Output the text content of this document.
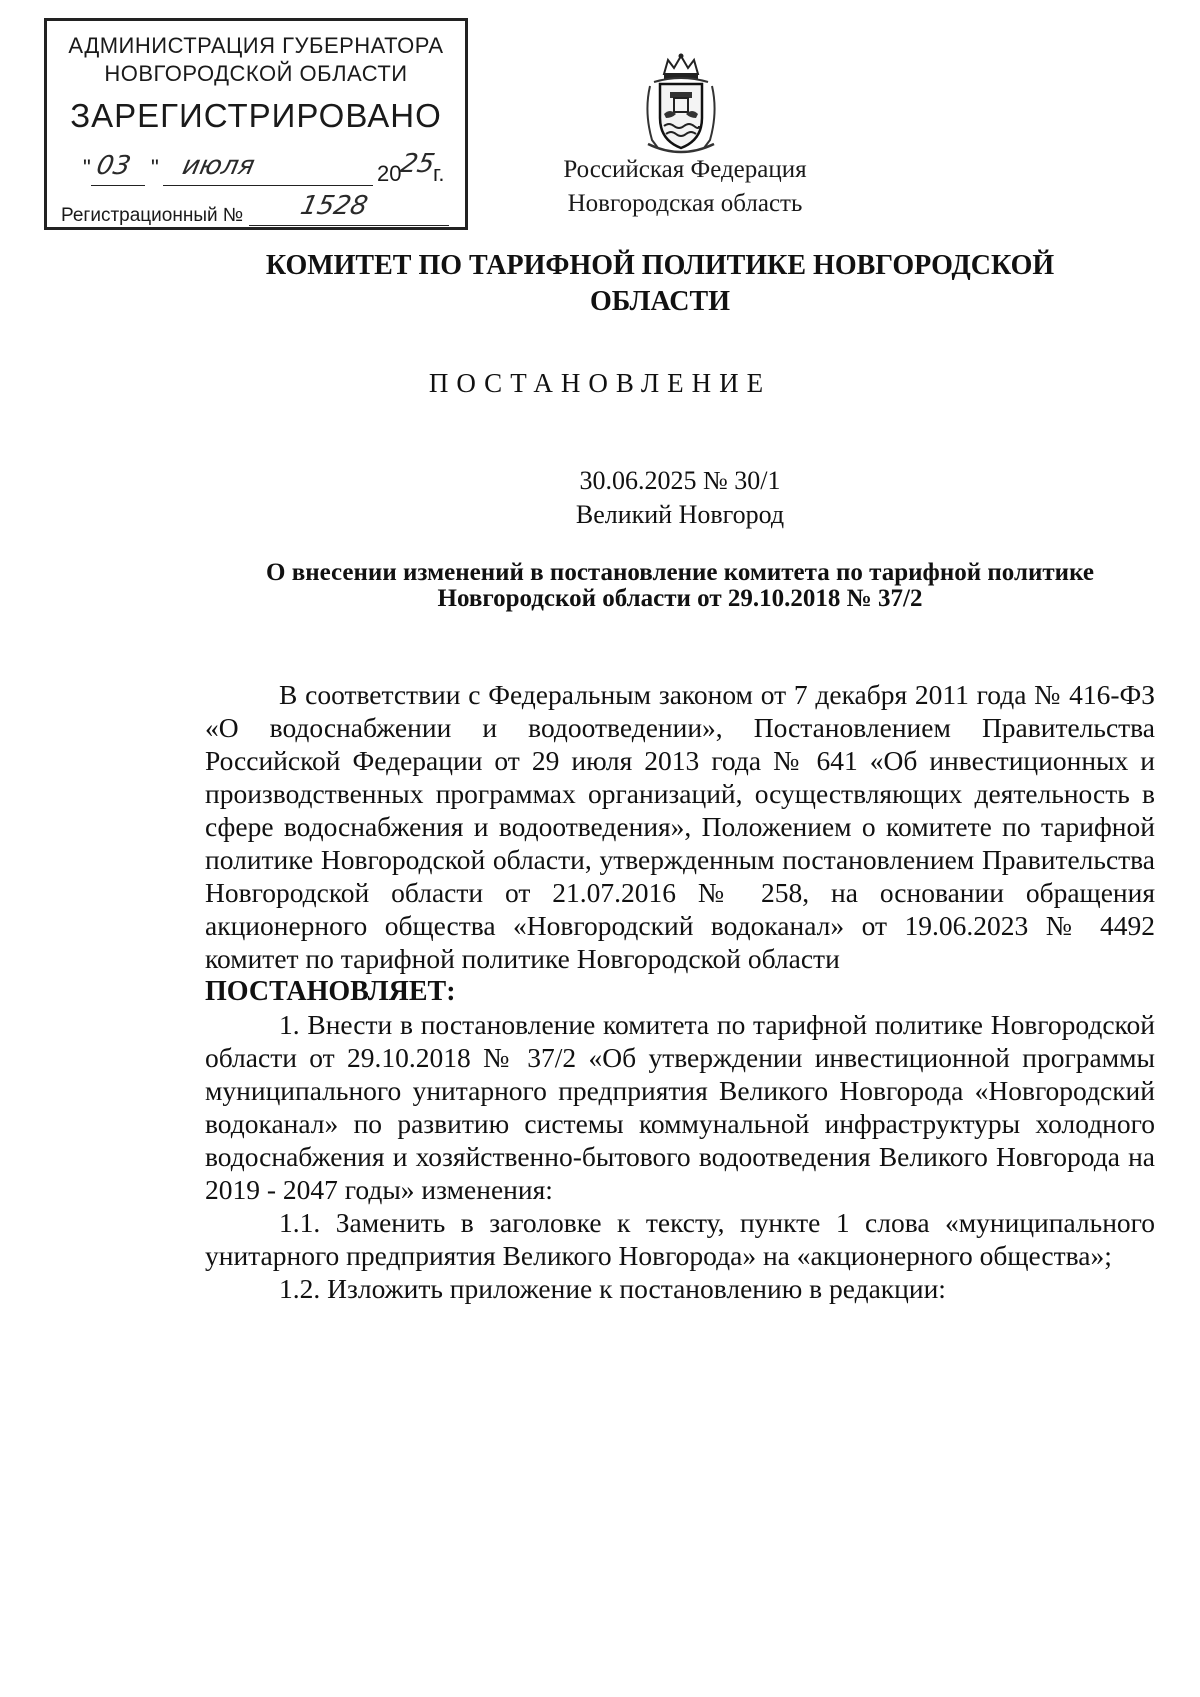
АДМИНИСТРАЦИЯ ГУБЕРНАТОРА
НОВГОРОДСКОЙ ОБЛАСТИ
ЗАРЕГИСТРИРОВАНО
" 03 " июля	20
25
г.
Регистрационный № 1528
Российская Федерация
Новгородская область
КОМИТЕТ ПО ТАРИФНОЙ ПОЛИТИКЕ НОВГОРОДСКОЙ ОБЛАСТИ
ПОСТАНОВЛЕНИЕ
30.06.2025 № 30/1
Великий Новгород
О внесении изменений в постановление комитета по тарифной политике Новгородской области от 29.10.2018 № 37/2

В соответствии с Федеральным законом от 7 декабря 2011 года № 416-ФЗ «О водоснабжении и водоотведении», Постановлением Правительства Российской Федерации от 29 июля 2013 года № 641 «Об инвестиционных и производственных программах организаций, осуществляющих деятельность в сфере водоснабжения и водоотведения», Положением о комитете по тарифной политике Новгородской области, утвержденным постановлением Правительства Новгородской области от 21.07.2016 № 258, на основании обращения акционерного общества «Новгородский водоканал» от 19.06.2023 № 4492 комитет по тарифной политике Новгородской области

ПОСТАНОВЛЯЕТ:

1. Внести в постановление комитета по тарифной политике Новгородской области от 29.10.2018 № 37/2 «Об утверждении инвестиционной программы муниципального унитарного предприятия Великого Новгорода «Новгородский водоканал» по развитию системы коммунальной инфраструктуры холодного водоснабжения и хозяйственно-бытового водоотведения Великого Новгорода на 2019 - 2047 годы» изменения:

1.1. Заменить в заголовке к тексту, пункте 1 слова «муниципального унитарного предприятия Великого Новгорода» на «акционерного общества»;

1.2. Изложить приложение к постановлению в редакции:
